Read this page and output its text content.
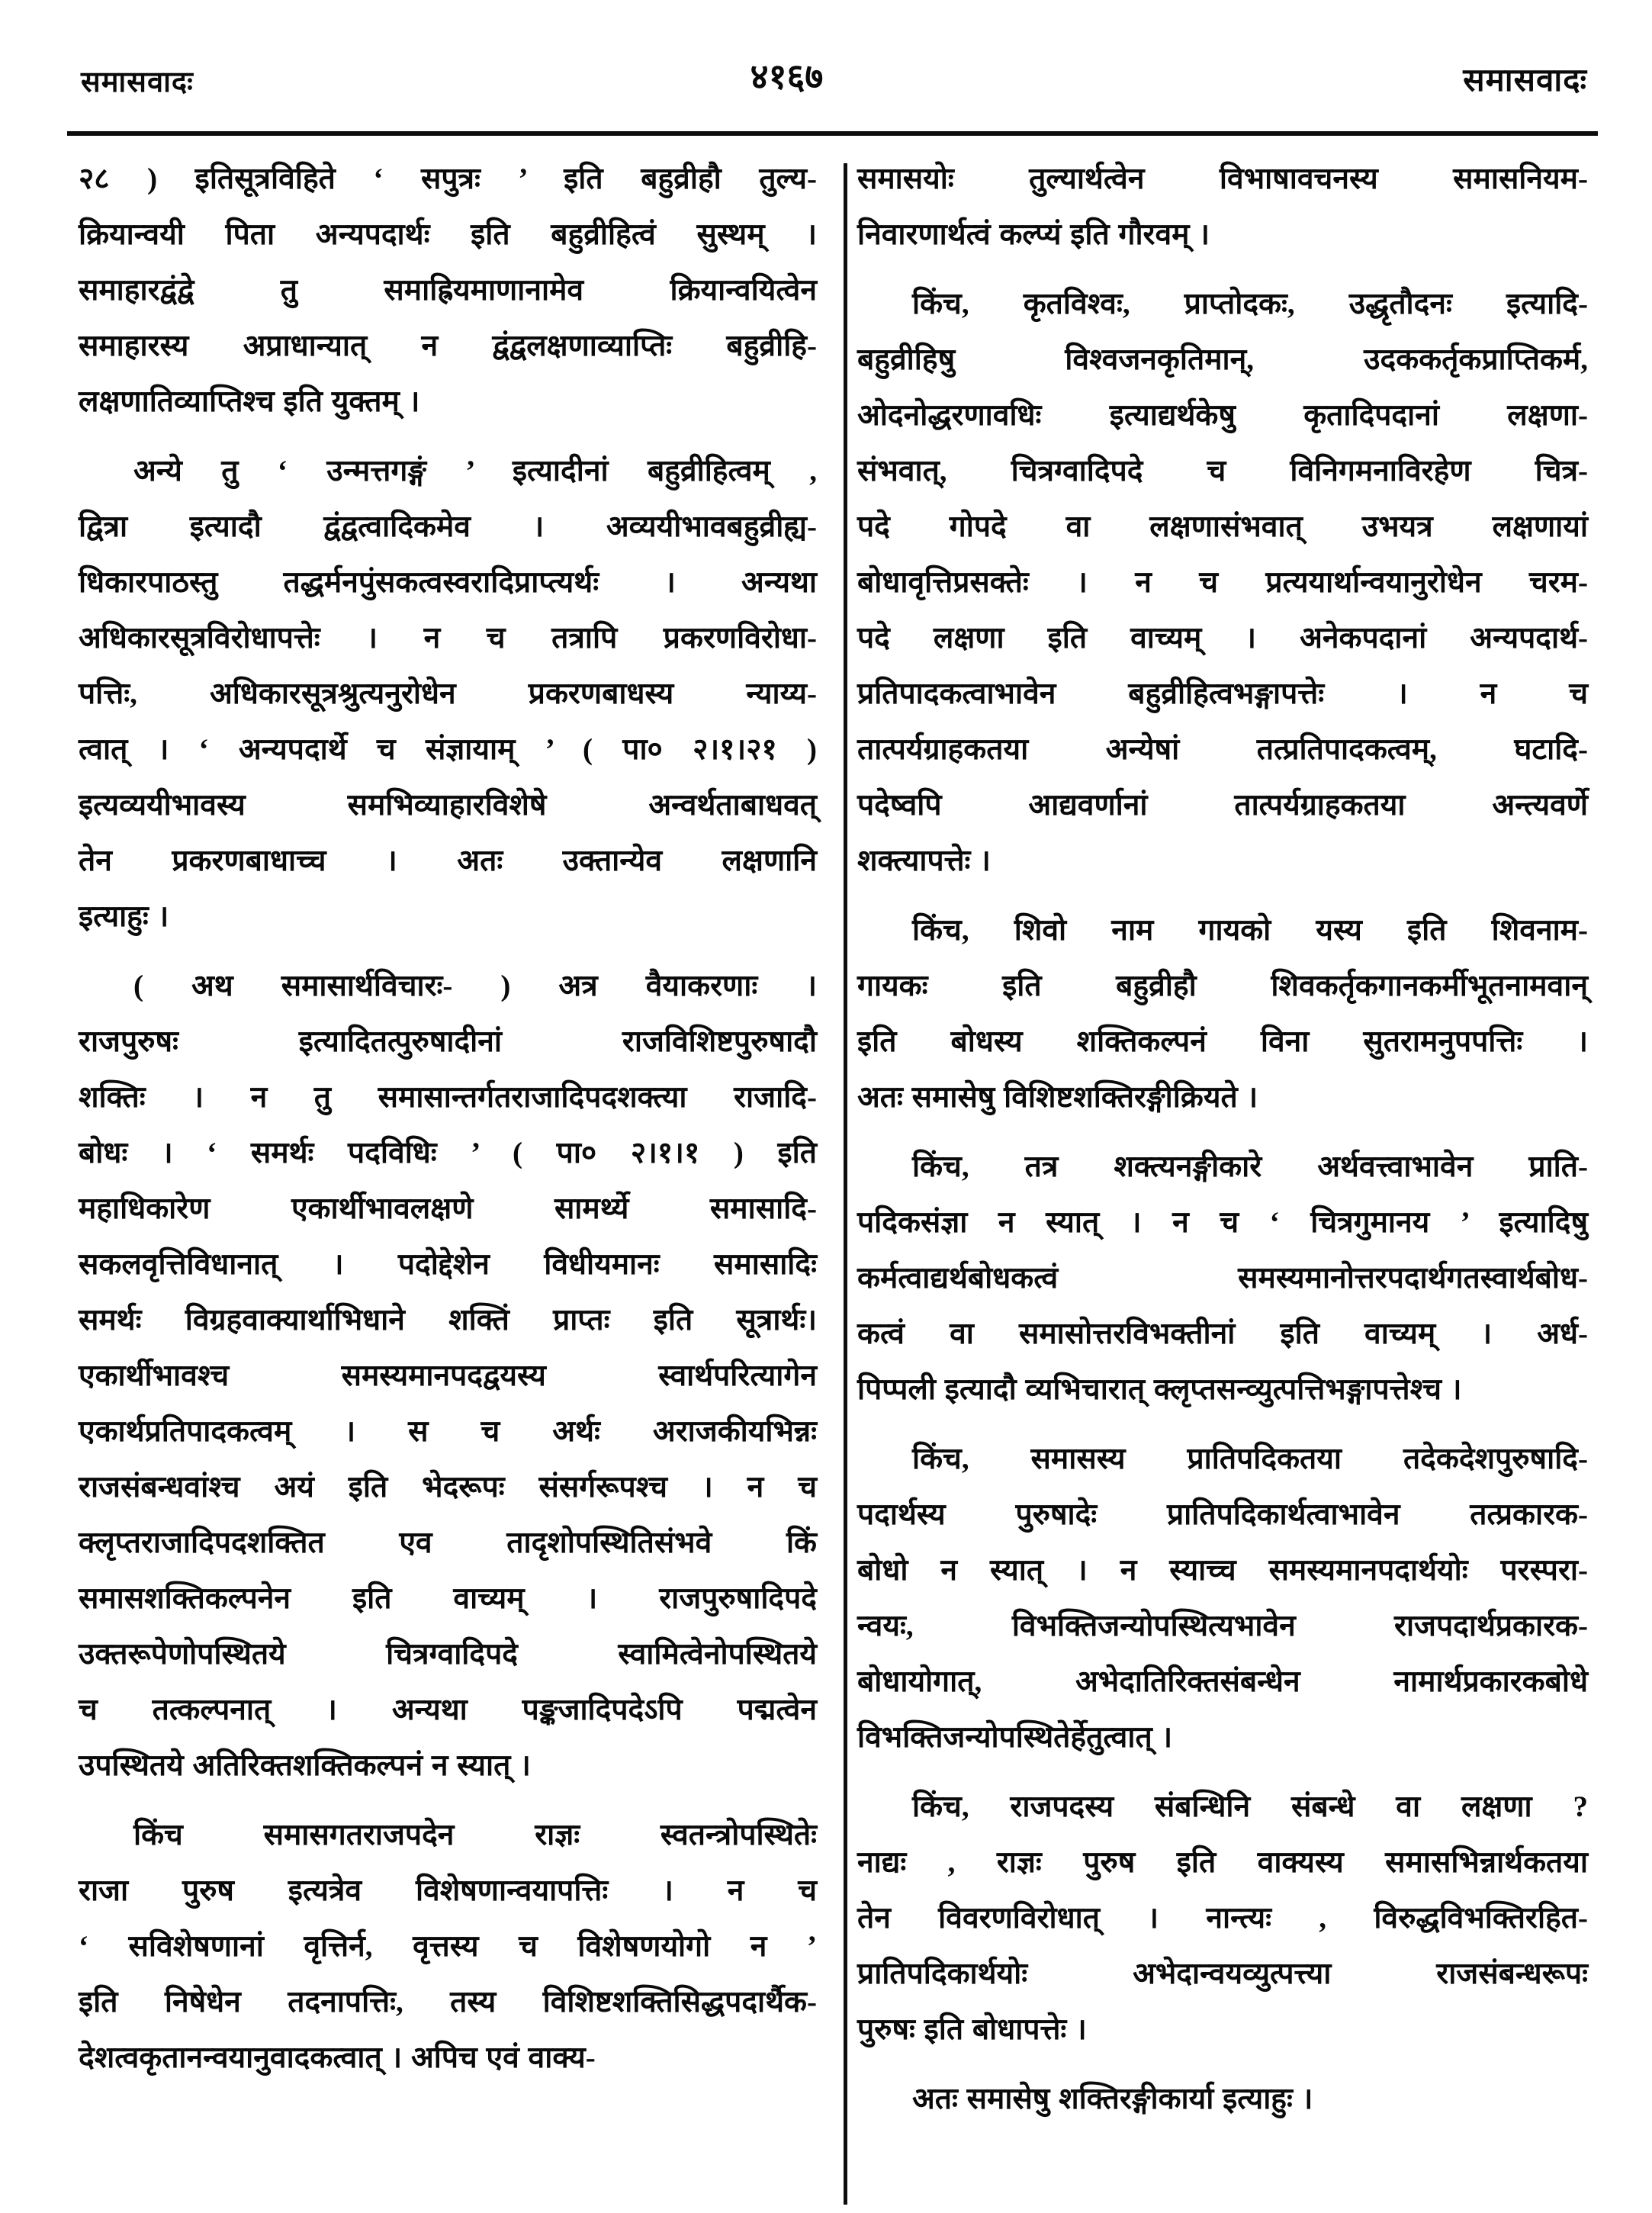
समासवादः	४१६७	समासवादः
२८ ) इतिसूत्रविहिते ‘ सपुत्रः ’ इति बहुव्रीहौ तुल्य-
क्रियान्वयी पिता अन्यपदार्थः इति बहुव्रीहित्वं सुस्थम् ।
समाहारद्वंद्वे तु समाह्रियमाणानामेव क्रियान्वयित्वेन
समाहारस्य अप्राधान्यात् न द्वंद्वलक्षणाव्याप्तिः बहुव्रीहि-
लक्षणातिव्याप्तिश्च इति युक्तम् ।
अन्ये तु ‘ उन्मत्तगङ्गं ’ इत्यादीनां बहुव्रीहित्वम् ,
द्वित्रा इत्यादौ द्वंद्वत्वादिकमेव । अव्ययीभावबहुव्रीह्य-
धिकारपाठस्तु तद्धर्मनपुंसकत्वस्वरादिप्राप्त्यर्थः । अन्यथा
अधिकारसूत्रविरोधापत्तेः । न च तत्रापि प्रकरणविरोधा-
पत्तिः, अधिकारसूत्रश्रुत्यनुरोधेन प्रकरणबाधस्य न्याय्य-
त्वात् । ‘ अन्यपदार्थे च संज्ञायाम् ’ ( पा० २।१।२१ )
इत्यव्ययीभावस्य समभिव्याहारविशेषे अन्वर्थताबाधवत्
तेन प्रकरणबाधाच्च । अतः उक्तान्येव लक्षणानि
इत्याहुः ।
( अथ समासार्थविचारः- ) अत्र वैयाकरणाः ।
राजपुरुषः इत्यादितत्पुरुषादीनां राजविशिष्टपुरुषादौ
शक्तिः । न तु समासान्तर्गतराजादिपदशक्त्या राजादि-
बोधः । ‘ समर्थः पदविधिः ’ ( पा० २।१।१ ) इति
महाधिकारेण एकार्थीभावलक्षणे सामर्थ्ये समासादि-
सकलवृत्तिविधानात् । पदोद्देशेन विधीयमानः समासादिः
समर्थः विग्रहवाक्यार्थाभिधाने शक्तिं प्राप्तः इति सूत्रार्थः।
एकार्थीभावश्च समस्यमानपदद्वयस्य स्वार्थपरित्यागेन
एकार्थप्रतिपादकत्वम् । स च अर्थः अराजकीयभिन्नः
राजसंबन्धवांश्च अयं इति भेदरूपः संसर्गरूपश्च । न च
क्लृप्तराजादिपदशक्तित एव तादृशोपस्थितिसंभवे किं
समासशक्तिकल्पनेन इति वाच्यम् । राजपुरुषादिपदे
उक्तरूपेणोपस्थितये चित्रग्वादिपदे स्वामित्वेनोपस्थितये
च तत्कल्पनात् । अन्यथा पङ्कजादिपदेऽपि पद्मत्वेन
उपस्थितये अतिरिक्तशक्तिकल्पनं न स्यात् ।
किंच समासगतराजपदेन राज्ञः स्वतन्त्रोपस्थितेः
राजा पुरुष इत्यत्रेव विशेषणान्वयापत्तिः । न च
‘ सविशेषणानां वृत्तिर्न, वृत्तस्य च विशेषणयोगो न ’
इति निषेधेन तदनापत्तिः, तस्य विशिष्टशक्तिसिद्धपदार्थैक-
देशत्वकृतानन्वयानुवादकत्वात् । अपिच एवं वाक्य-
समासयोः तुल्यार्थत्वेन विभाषावचनस्य समासनियम-
निवारणार्थत्वं कल्प्यं इति गौरवम् ।
किंच, कृतविश्वः, प्राप्तोदकः, उद्धृतौदनः इत्यादि-
बहुव्रीहिषु विश्वजनकृतिमान्, उदककर्तृकप्राप्तिकर्म,
ओदनोद्धरणावधिः इत्याद्यर्थकेषु कृतादिपदानां लक्षणा-
संभवात्, चित्रग्वादिपदे च विनिगमनाविरहेण चित्र-
पदे गोपदे वा लक्षणासंभवात् उभयत्र लक्षणायां
बोधावृत्तिप्रसक्तेः । न च प्रत्ययार्थान्वयानुरोधेन चरम-
पदे लक्षणा इति वाच्यम् । अनेकपदानां अन्यपदार्थ-
प्रतिपादकत्वाभावेन बहुव्रीहित्वभङ्गापत्तेः । न च
तात्पर्यग्राहकतया अन्येषां तत्प्रतिपादकत्वम्, घटादि-
पदेष्वपि आद्यवर्णानां तात्पर्यग्राहकतया अन्त्यवर्णे
शक्त्यापत्तेः ।
किंच, शिवो नाम गायको यस्य इति शिवनाम-
गायकः इति बहुव्रीहौ शिवकर्तृकगानकर्मीभूतनामवान्
इति बोधस्य शक्तिकल्पनं विना सुतरामनुपपत्तिः ।
अतः समासेषु विशिष्टशक्तिरङ्गीक्रियते ।
किंच, तत्र शक्त्यनङ्गीकारे अर्थवत्त्वाभावेन प्राति-
पदिकसंज्ञा न स्यात् । न च ‘ चित्रगुमानय ’ इत्यादिषु
कर्मत्वाद्यर्थबोधकत्वं समस्यमानोत्तरपदार्थगतस्वार्थबोध-
कत्वं वा समासोत्तरविभक्तीनां इति वाच्यम् । अर्ध-
पिप्पली इत्यादौ व्यभिचारात् क्लृप्तसन्व्युत्पत्तिभङ्गापत्तेश्च ।
किंच, समासस्य प्रातिपदिकतया तदेकदेशपुरुषादि-
पदार्थस्य पुरुषादेः प्रातिपदिकार्थत्वाभावेन तत्प्रकारक-
बोधो न स्यात् । न स्याच्च समस्यमानपदार्थयोः परस्परा-
न्वयः, विभक्तिजन्योपस्थित्यभावेन राजपदार्थप्रकारक-
बोधायोगात्, अभेदातिरिक्तसंबन्धेन नामार्थप्रकारकबोधे
विभक्तिजन्योपस्थितेर्हेतुत्वात् ।
किंच, राजपदस्य संबन्धिनि संबन्धे वा लक्षणा ?
नाद्यः , राज्ञः पुरुष इति वाक्यस्य समासभिन्नार्थकतया
तेन विवरणविरोधात् । नान्त्यः , विरुद्धविभक्तिरहित-
प्रातिपदिकार्थयोः अभेदान्वयव्युत्पत्त्या राजसंबन्धरूपः
पुरुषः इति बोधापत्तेः ।
अतः समासेषु शक्तिरङ्गीकार्या इत्याहुः ।
